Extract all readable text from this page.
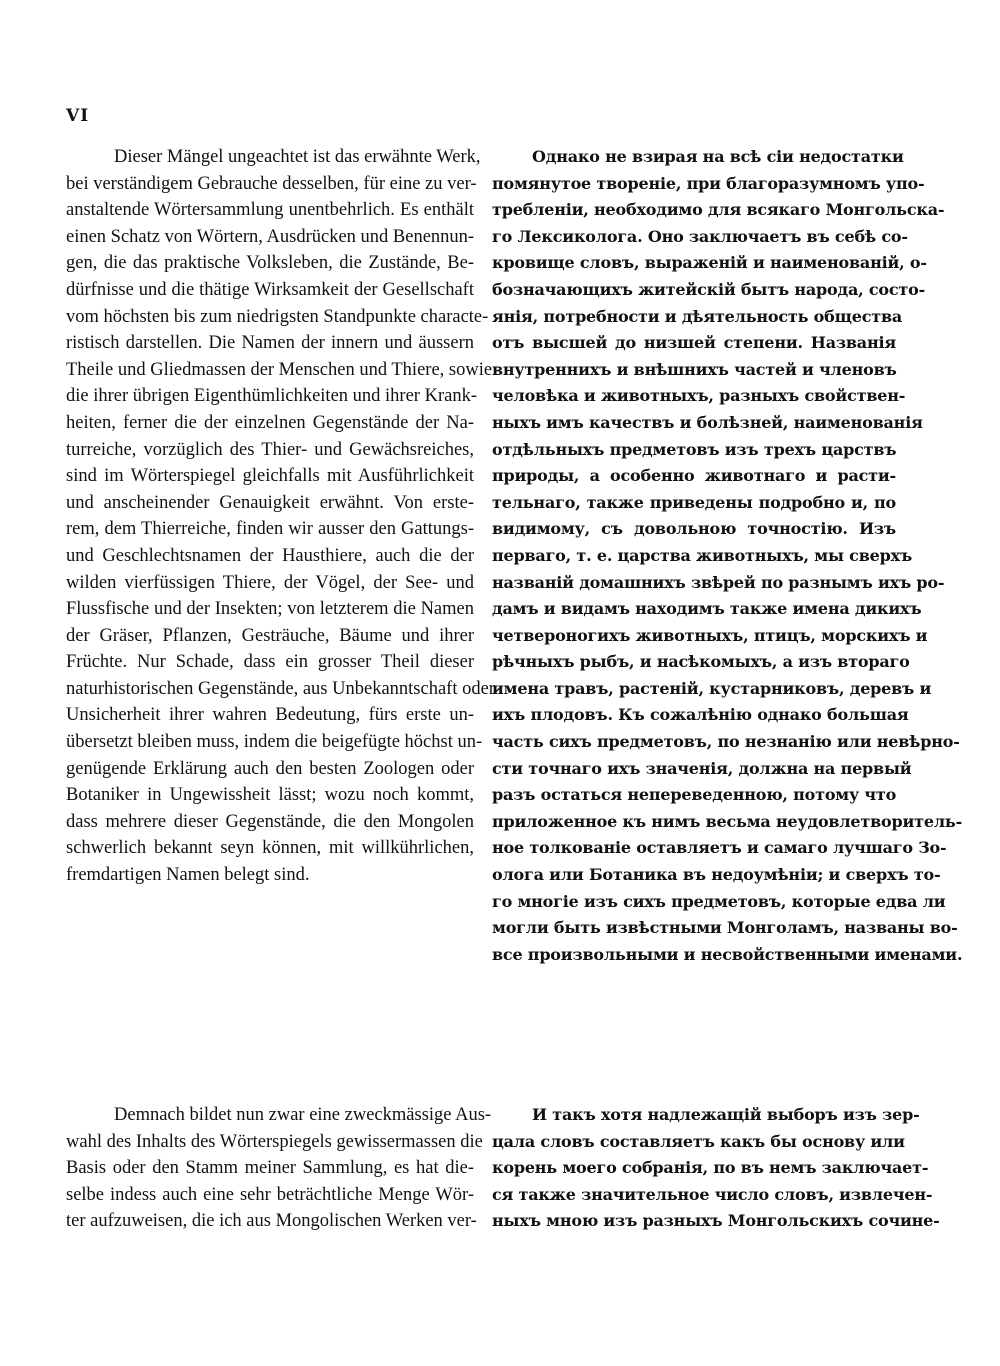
VI

Dieser Mängel ungeachtet ist das erwähnte Werk,
bei verständigem Gebrauche desselben, für eine zu ver-
anstaltende Wörtersammlung unentbehrlich. Es enthält
einen Schatz von Wörtern, Ausdrücken und Benennun-
gen, die das praktische Volksleben, die Zustände, Be-
dürfnisse und die thätige Wirksamkeit der Gesellschaft
vom höchsten bis zum niedrigsten Standpunkte characte-
ristisch darstellen. Die Namen der innern und äussern
Theile und Gliedmassen der Menschen und Thiere, sowie
die ihrer übrigen Eigenthümlichkeiten und ihrer Krank-
heiten, ferner die der einzelnen Gegenstände der Na-
turreiche, vorzüglich des Thier- und Gewächsreiches,
sind im Wörterspiegel gleichfalls mit Ausführlichkeit
und anscheinender Genauigkeit erwähnt. Von erste-
rem, dem Thierreiche, finden wir ausser den Gattungs-
und Geschlechtsnamen der Hausthiere, auch die der
wilden vierfüssigen Thiere, der Vögel, der See- und
Flussfische und der Insekten; von letzterem die Namen
der Gräser, Pflanzen, Gesträuche, Bäume und ihrer
Früchte. Nur Schade, dass ein grosser Theil dieser
naturhistorischen Gegenstände, aus Unbekanntschaft oder
Unsicherheit ihrer wahren Bedeutung, fürs erste un-
übersetzt bleiben muss, indem die beigefügte höchst un-
genügende Erklärung auch den besten Zoologen oder
Botaniker in Ungewissheit lässt; wozu noch kommt,
dass mehrere dieser Gegenstände, die den Mongolen
schwerlich bekannt seyn können, mit willkührlichen,
fremdartigen Namen belegt sind.

Однако не взирая на всѣ сіи недостатки
помянутое твореніе, при благоразумномъ упо-
требленіи, необходимо для всякаго Монгольска-
го Лексиколога. Оно заключаетъ въ себѣ со-
кровище словъ, выраженій и наименованій, о-
бозначающихъ житейскій бытъ народа, состо-
янія, потребности и дѣятельность общества
отъ высшей до низшей степени. Названія
внутреннихъ и внѣшнихъ частей и членовъ
человѣка и животныхъ, разныхъ свойствен-
ныхъ имъ качествъ и болѣзней, наименованія
отдѣльныхъ предметовъ изъ трехъ царствъ
природы, а особенно животнаго и расти-
тельнаго, также приведены подробно и, по
видимому, съ довольною точностію. Изъ
перваго, т. е. царства животныхъ, мы сверхъ
названій домашнихъ звѣрей по разнымъ ихъ ро-
дамъ и видамъ находимъ также имена дикихъ
четвероногихъ животныхъ, птицъ, морскихъ и
рѣчныхъ рыбъ, и насѣкомыхъ, а изъ втораго
имена травъ, растеній, кустарниковъ, деревъ и
ихъ плодовъ. Къ сожалѣнію однако большая
часть сихъ предметовъ, по незнанію или невѣрно-
сти точнаго ихъ значенія, должна на первый
разъ остаться непереведенною, потому что
приложенное къ нимъ весьма неудовлетворитель-
ное толкованіе оставляетъ и самаго лучшаго Зо-
олога или Ботаника въ недоумѣніи; и сверхъ то-
го многіе изъ сихъ предметовъ, которые едва ли
могли быть извѣстными Монголамъ, названы во-
все произвольными и несвойственными именами.

Demnach bildet nun zwar eine zweckmässige Aus-
wahl des Inhalts des Wörterspiegels gewissermassen die
Basis oder den Stamm meiner Sammlung, es hat die-
selbe indess auch eine sehr beträchtliche Menge Wör-
ter aufzuweisen, die ich aus Mongolischen Werken ver-

И такъ хотя надлежащій выборъ изъ зер-
цала словъ составляетъ какъ бы основу или
корень моего собранія, по въ немъ заключает-
ся также значительное число словъ, извлечен-
ныхъ мною изъ разныхъ Монгольскихъ сочине-
